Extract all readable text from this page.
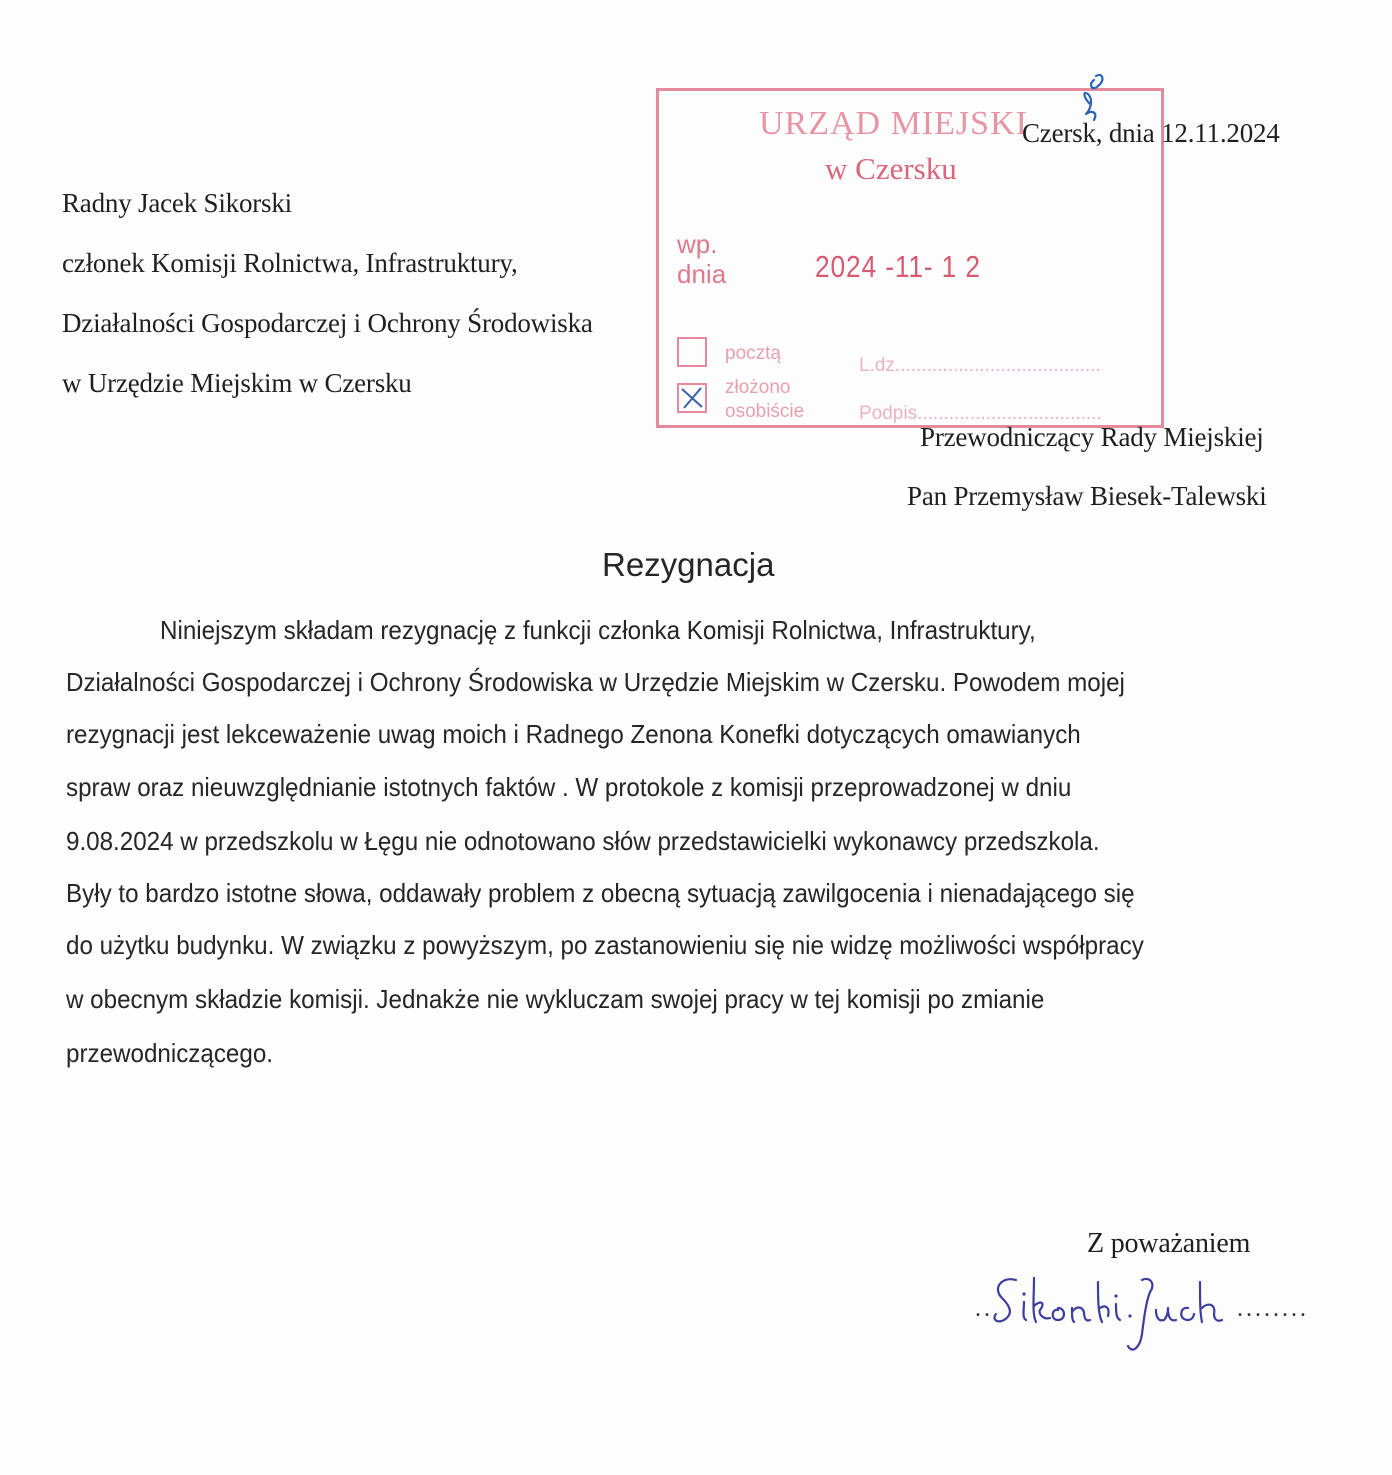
URZĄD MIEJSKI
w Czersku
wp.
dnia	2024 -11- 1 2
pocztą
złożono
osobiście
L.dz.......................................
Podpis...................................
Czersk, dnia 12.11.2024
Radny Jacek Sikorski
członek Komisji Rolnictwa, Infrastruktury,
Działalności Gospodarczej i Ochrony Środowiska
w Urzędzie Miejskim w Czersku
Przewodniczący Rady Miejskiej
Pan Przemysław Biesek-Talewski
Rezygnacja
Niniejszym składam rezygnację z funkcji członka Komisji Rolnictwa, Infrastruktury,
Działalności Gospodarczej i Ochrony Środowiska w Urzędzie Miejskim w Czersku. Powodem mojej
rezygnacji jest lekceważenie uwag moich i Radnego Zenona Konefki dotyczących omawianych
spraw oraz nieuwzględnianie istotnych faktów . W protokole z komisji przeprowadzonej w dniu
9.08.2024 w przedszkolu w Łęgu nie odnotowano słów przedstawicielki wykonawcy przedszkola.
Były to bardzo istotne słowa, oddawały problem z obecną sytuacją zawilgocenia i nienadającego się
do użytku budynku. W związku z powyższym, po zastanowieniu się nie widzę możliwości współpracy
w obecnym składzie komisji. Jednakże nie wykluczam swojej pracy w tej komisji po zmianie
przewodniczącego.
Z poważaniem
..	........
